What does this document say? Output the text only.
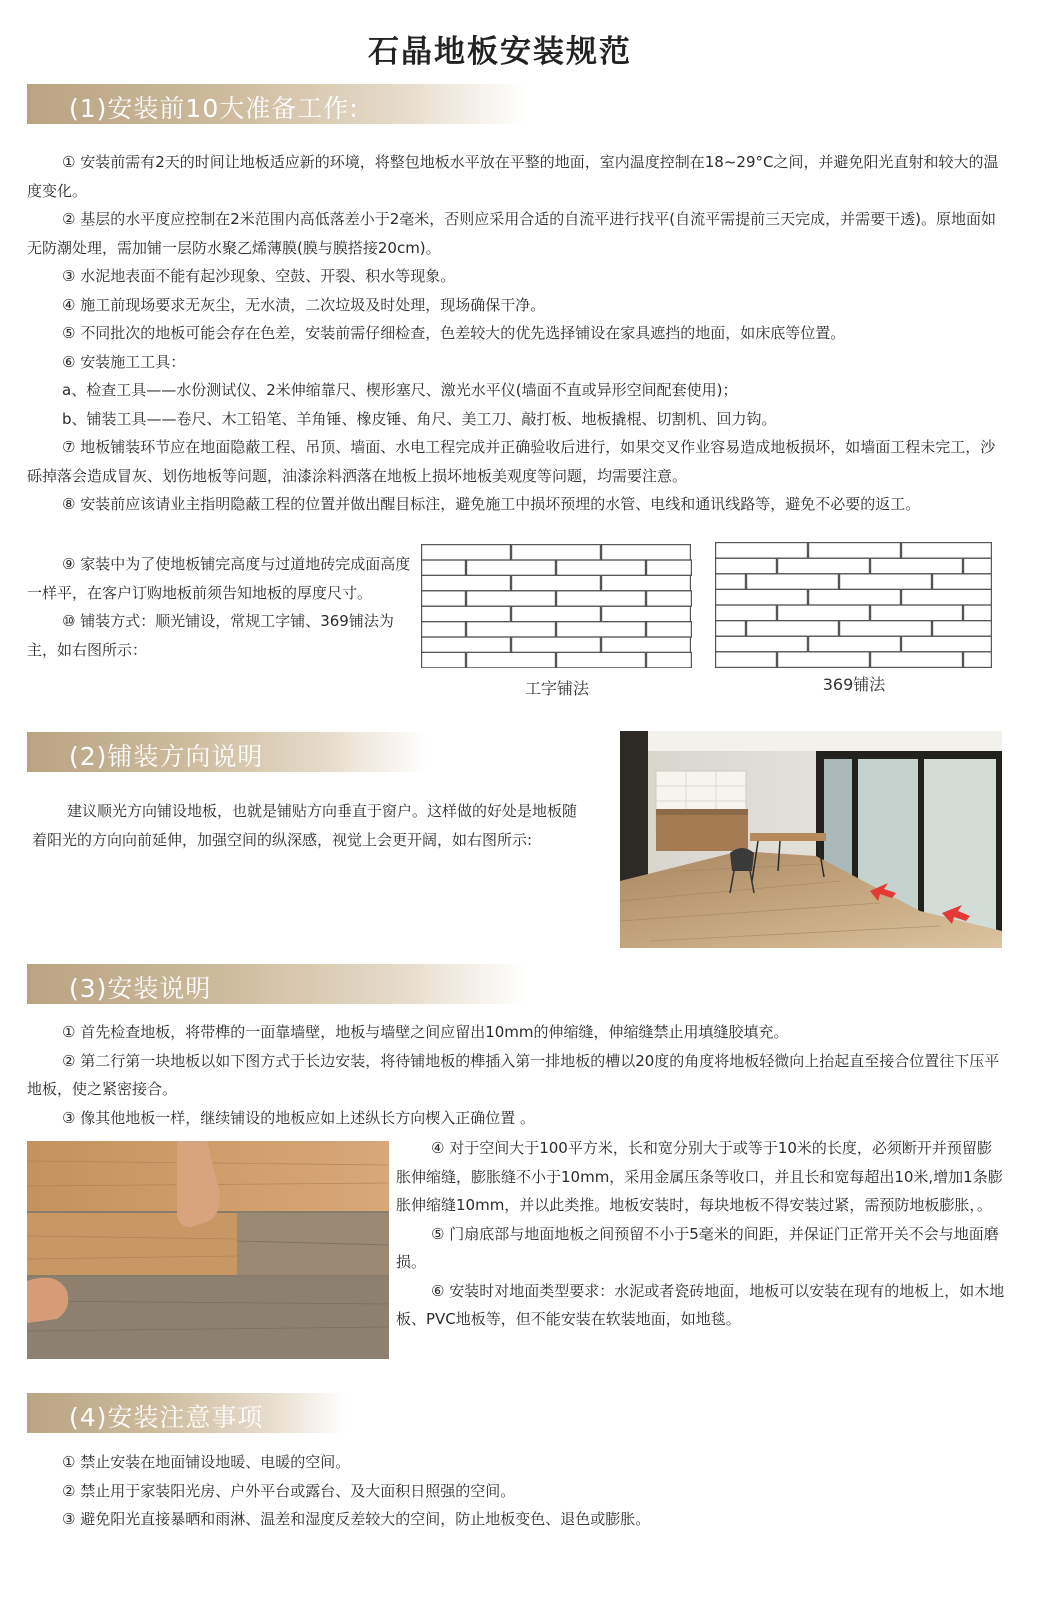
石晶地板安装规范
(1)安装前10大准备工作:

① 安装前需有2天的时间让地板适应新的环境，将整包地板水平放在平整的地面，室内温度控制在18~29°C之间，并避免阳光直射和较大的温度变化。

② 基层的水平度应控制在2米范围内高低落差小于2毫米，否则应采用合适的自流平进行找平(自流平需提前三天完成，并需要干透)。原地面如无防潮处理，需加铺一层防水聚乙烯薄膜(膜与膜搭接20cm)。

③ 水泥地表面不能有起沙现象、空鼓、开裂、积水等现象。

④ 施工前现场要求无灰尘，无水渍，二次垃圾及时处理，现场确保干净。

⑤ 不同批次的地板可能会存在色差，安装前需仔细检查，色差较大的优先选择铺设在家具遮挡的地面，如床底等位置。

⑥ 安装施工工具：

a、检查工具——水份测试仪、2米伸缩靠尺、楔形塞尺、激光水平仪(墙面不直或异形空间配套使用)；

b、铺装工具——卷尺、木工铅笔、羊角锤、橡皮锤、角尺、美工刀、敲打板、地板撬棍、切割机、回力钩。

⑦ 地板铺装环节应在地面隐蔽工程、吊顶、墙面、水电工程完成并正确验收后进行，如果交叉作业容易造成地板损坏，如墙面工程未完工，沙砾掉落会造成冒灰、划伤地板等问题，油漆涂料洒落在地板上损坏地板美观度等问题，均需要注意。

⑧ 安装前应该请业主指明隐蔽工程的位置并做出醒目标注，避免施工中损坏预埋的水管、电线和通讯线路等，避免不必要的返工。

⑨ 家装中为了使地板铺完高度与过道地砖完成面高度一样平，在客户订购地板前须告知地板的厚度尺寸。

⑩ 铺装方式：顺光铺设，常规工字铺、369铺法为主，如右图所示：

工字铺法	369铺法
(2)铺装方向说明

建议顺光方向铺设地板，也就是铺贴方向垂直于窗户。这样做的好处是地板随着阳光的方向向前延伸，加强空间的纵深感，视觉上会更开阔，如右图所示:

(3)安装说明

① 首先检查地板，将带榫的一面靠墙壁，地板与墙壁之间应留出10mm的伸缩缝，伸缩缝禁止用填缝胶填充。

② 第二行第一块地板以如下图方式于长边安装，将待铺地板的榫插入第一排地板的槽以20度的角度将地板轻微向上抬起直至接合位置往下压平地板，使之紧密接合。

③ 像其他地板一样，继续铺设的地板应如上述纵长方向楔入正确位置 。

④ 对于空间大于100平方米，长和宽分别大于或等于10米的长度，必须断开并预留膨胀伸缩缝，膨胀缝不小于10mm，采用金属压条等收口，并且长和宽每超出10米,增加1条膨胀伸缩缝10mm，并以此类推。地板安装时，每块地板不得安装过紧，需预防地板膨胀，。

⑤ 门扇底部与地面地板之间预留不小于5毫米的间距，并保证门正常开关不会与地面磨损。

⑥ 安装时对地面类型要求：水泥或者瓷砖地面，地板可以安装在现有的地板上，如木地板、PVC地板等，但不能安装在软装地面，如地毯。

(4)安装注意事项

① 禁止安装在地面铺设地暖、电暖的空间。

② 禁止用于家装阳光房、户外平台或露台、及大面积日照强的空间。

③ 避免阳光直接暴晒和雨淋、温差和湿度反差较大的空间，防止地板变色、退色或膨胀。
